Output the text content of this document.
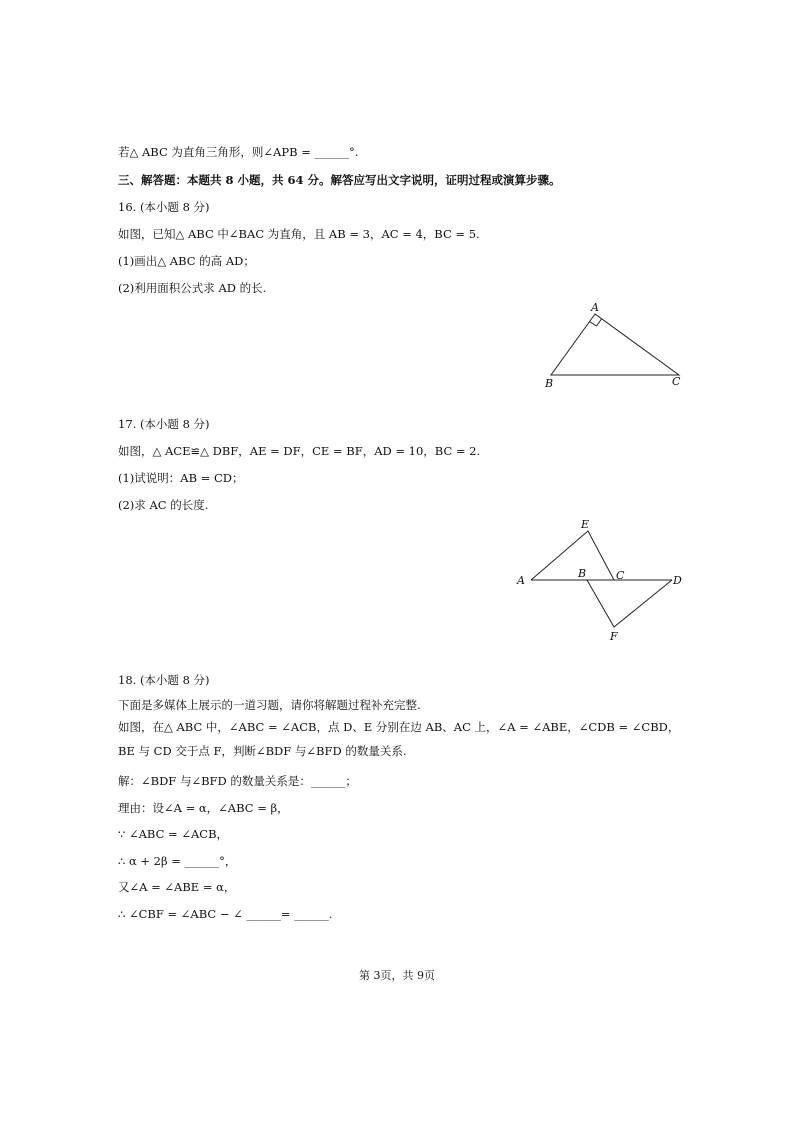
若△ ABC 为直角三角形，则∠APB = ______°.
三、解答题：本题共 8 小题，共 64 分。解答应写出文字说明，证明过程或演算步骤。
16. (本小题 8 分)
如图，已知△ ABC 中∠BAC 为直角，且 AB = 3，AC = 4，BC = 5.
(1)画出△ ABC 的高 AD；
(2)利用面积公式求 AD 的长.
A
B	C
17. (本小题 8 分)
如图，△ ACE≌△ DBF，AE = DF，CE = BF，AD = 10，BC = 2.
(1)试说明：AB = CD；
(2)求 AC 的长度.
E
A
B	C	D
F
18. (本小题 8 分)
下面是多媒体上展示的一道习题，请你将解题过程补充完整.
如图，在△ ABC 中，∠ABC = ∠ACB，点 D、E 分别在边 AB、AC 上，∠A = ∠ABE，∠CDB = ∠CBD，
BE 与 CD 交于点 F，判断∠BDF 与∠BFD 的数量关系.
解：∠BDF 与∠BFD 的数量关系是：______；
理由：设∠A = α，∠ABC = β，
∵ ∠ABC = ∠ACB，
∴ α + 2β = ______°，
又∠A = ∠ABE = α，
∴ ∠CBF = ∠ABC − ∠ ______= ______.
第 3页，共 9页
